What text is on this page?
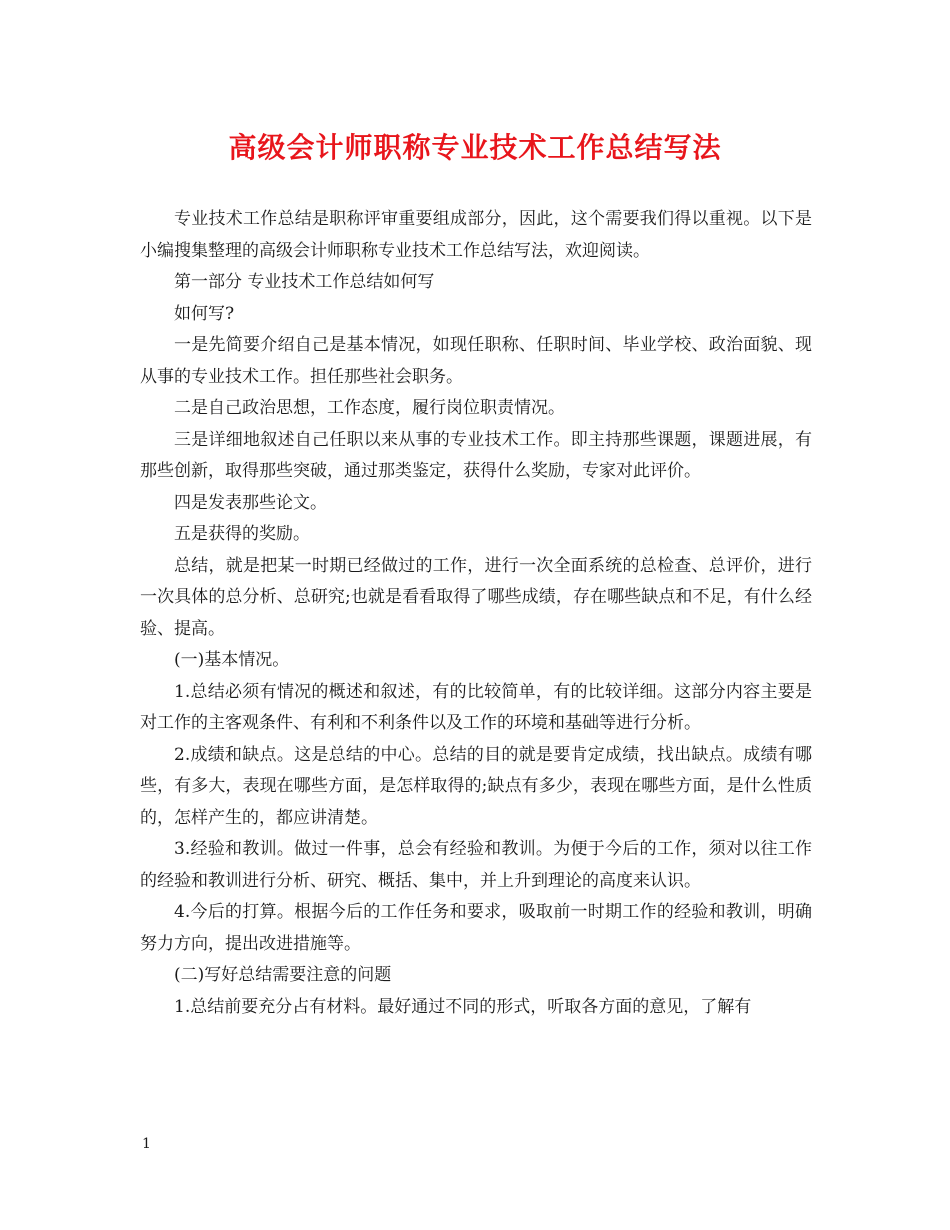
高级会计师职称专业技术工作总结写法

专业技术工作总结是职称评审重要组成部分，因此，这个需要我们得以重视。以下是小编搜集整理的高级会计师职称专业技术工作总结写法，欢迎阅读。

第一部分 专业技术工作总结如何写

如何写?

一是先简要介绍自己是基本情况，如现任职称、任职时间、毕业学校、政治面貌、现从事的专业技术工作。担任那些社会职务。

二是自己政治思想，工作态度，履行岗位职责情况。

三是详细地叙述自己任职以来从事的专业技术工作。即主持那些课题，课题进展，有那些创新，取得那些突破，通过那类鉴定，获得什么奖励，专家对此评价。

四是发表那些论文。

五是获得的奖励。

总结，就是把某一时期已经做过的工作，进行一次全面系统的总检查、总评价，进行一次具体的总分析、总研究;也就是看看取得了哪些成绩，存在哪些缺点和不足，有什么经验、提高。

(一)基本情况。

1.总结必须有情况的概述和叙述，有的比较简单，有的比较详细。这部分内容主要是对工作的主客观条件、有利和不利条件以及工作的环境和基础等进行分析。

2.成绩和缺点。这是总结的中心。总结的目的就是要肯定成绩，找出缺点。成绩有哪些，有多大，表现在哪些方面，是怎样取得的;缺点有多少，表现在哪些方面，是什么性质的，怎样产生的，都应讲清楚。

3.经验和教训。做过一件事，总会有经验和教训。为便于今后的工作，须对以往工作的经验和教训进行分析、研究、概括、集中，并上升到理论的高度来认识。

4.今后的打算。根据今后的工作任务和要求，吸取前一时期工作的经验和教训，明确努力方向，提出改进措施等。

(二)写好总结需要注意的问题

1.总结前要充分占有材料。最好通过不同的形式，听取各方面的意见，了解有

1
